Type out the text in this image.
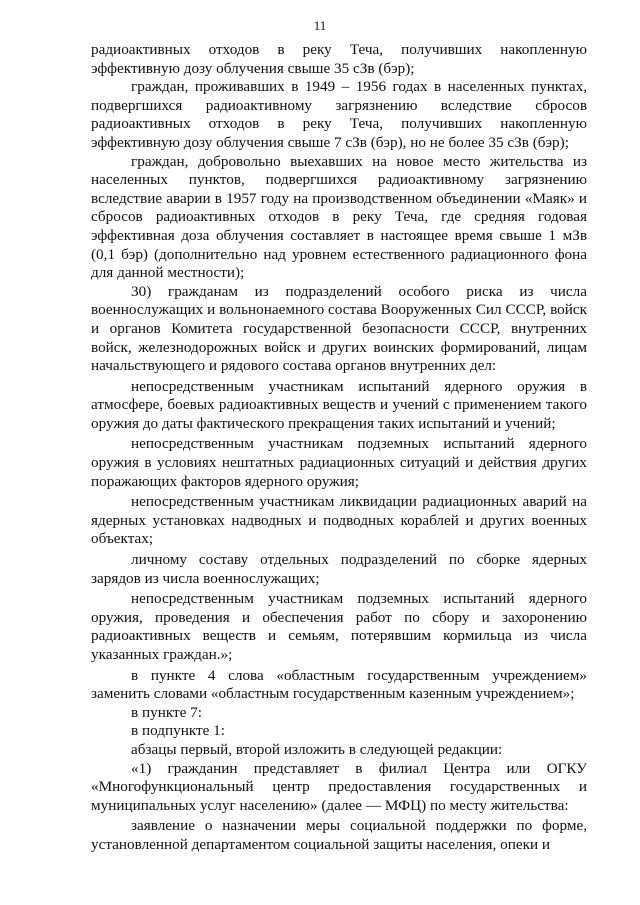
11

радиоактивных отходов в реку Теча, получивших накопленную эффективную дозу облучения свыше 35 сЗв (бэр);

граждан, проживавших в 1949 – 1956 годах в населенных пунктах, подвергшихся радиоактивному загрязнению вследствие сбросов радиоактивных отходов в реку Теча, получивших накопленную эффективную дозу облучения свыше 7 сЗв (бэр), но не более 35 сЗв (бэр);

граждан, добровольно выехавших на новое место жительства из населенных пунктов, подвергшихся радиоактивному загрязнению вследствие аварии в 1957 году на производственном объединении «Маяк» и сбросов радиоактивных отходов в реку Теча, где средняя годовая эффективная доза облучения составляет в настоящее время свыше 1 мЗв (0,1 бэр) (дополнительно над уровнем естественного радиационного фона для данной местности);

30) гражданам из подразделений особого риска из числа военнослужащих и вольнонаемного состава Вооруженных Сил СССР, войск и органов Комитета государственной безопасности СССР, внутренних войск, железнодорожных войск и других воинских формирований, лицам начальствующего и рядового состава органов внутренних дел:

непосредственным участникам испытаний ядерного оружия в атмосфере, боевых радиоактивных веществ и учений с применением такого оружия до даты фактического прекращения таких испытаний и учений;

непосредственным участникам подземных испытаний ядерного оружия в условиях нештатных радиационных ситуаций и действия других поражающих факторов ядерного оружия;

непосредственным участникам ликвидации радиационных аварий на ядерных установках надводных и подводных кораблей и других военных объектах;

личному составу отдельных подразделений по сборке ядерных зарядов из числа военнослужащих;

непосредственным участникам подземных испытаний ядерного оружия, проведения и обеспечения работ по сбору и захоронению радиоактивных веществ и семьям, потерявшим кормильца из числа указанных граждан.»;

в пункте 4 слова «областным государственным учреждением» заменить словами «областным государственным казенным учреждением»;

в пункте 7:

в подпункте 1:

абзацы первый, второй изложить в следующей редакции:

«1) гражданин представляет в филиал Центра или ОГКУ «Многофункциональный центр предоставления государственных и муниципальных услуг населению» (далее — МФЦ) по месту жительства:

заявление о назначении меры социальной поддержки по форме, установленной департаментом социальной защиты населения, опеки и
